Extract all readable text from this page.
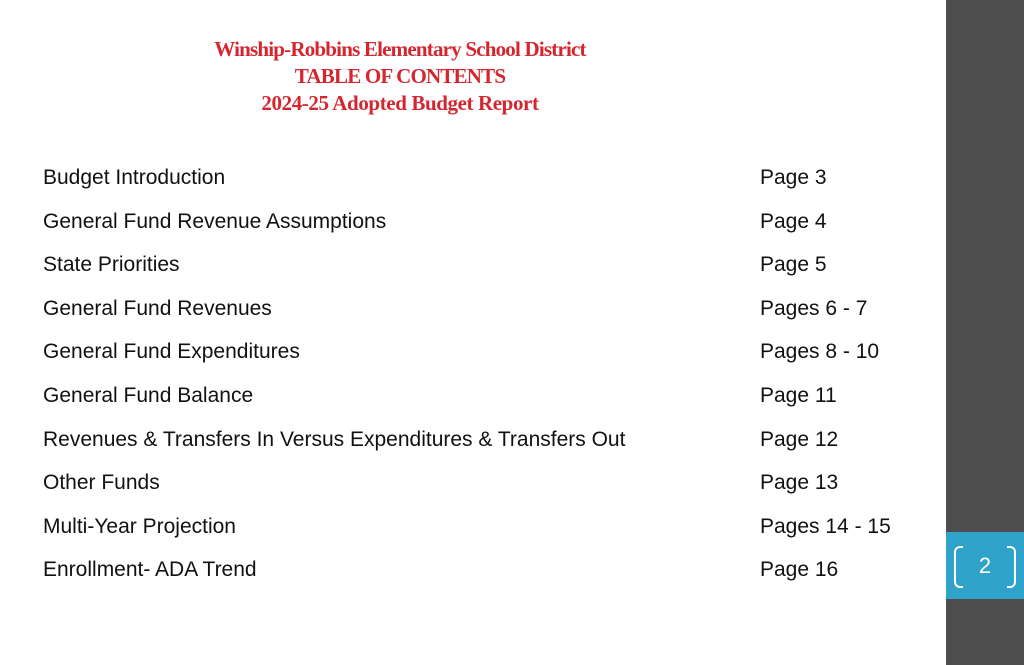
Winship-Robbins Elementary School District
TABLE OF CONTENTS
2024-25 Adopted Budget Report
Budget Introduction	Page 3
General Fund Revenue Assumptions	Page 4
State Priorities	Page 5
General Fund Revenues	Pages 6 - 7
General Fund Expenditures	Pages 8 - 10
General Fund Balance	Page 11
Revenues & Transfers In Versus Expenditures & Transfers Out	Page 12
Other Funds	Page 13
Multi-Year Projection	Pages 14 - 15
Enrollment- ADA Trend	Page 16	2
